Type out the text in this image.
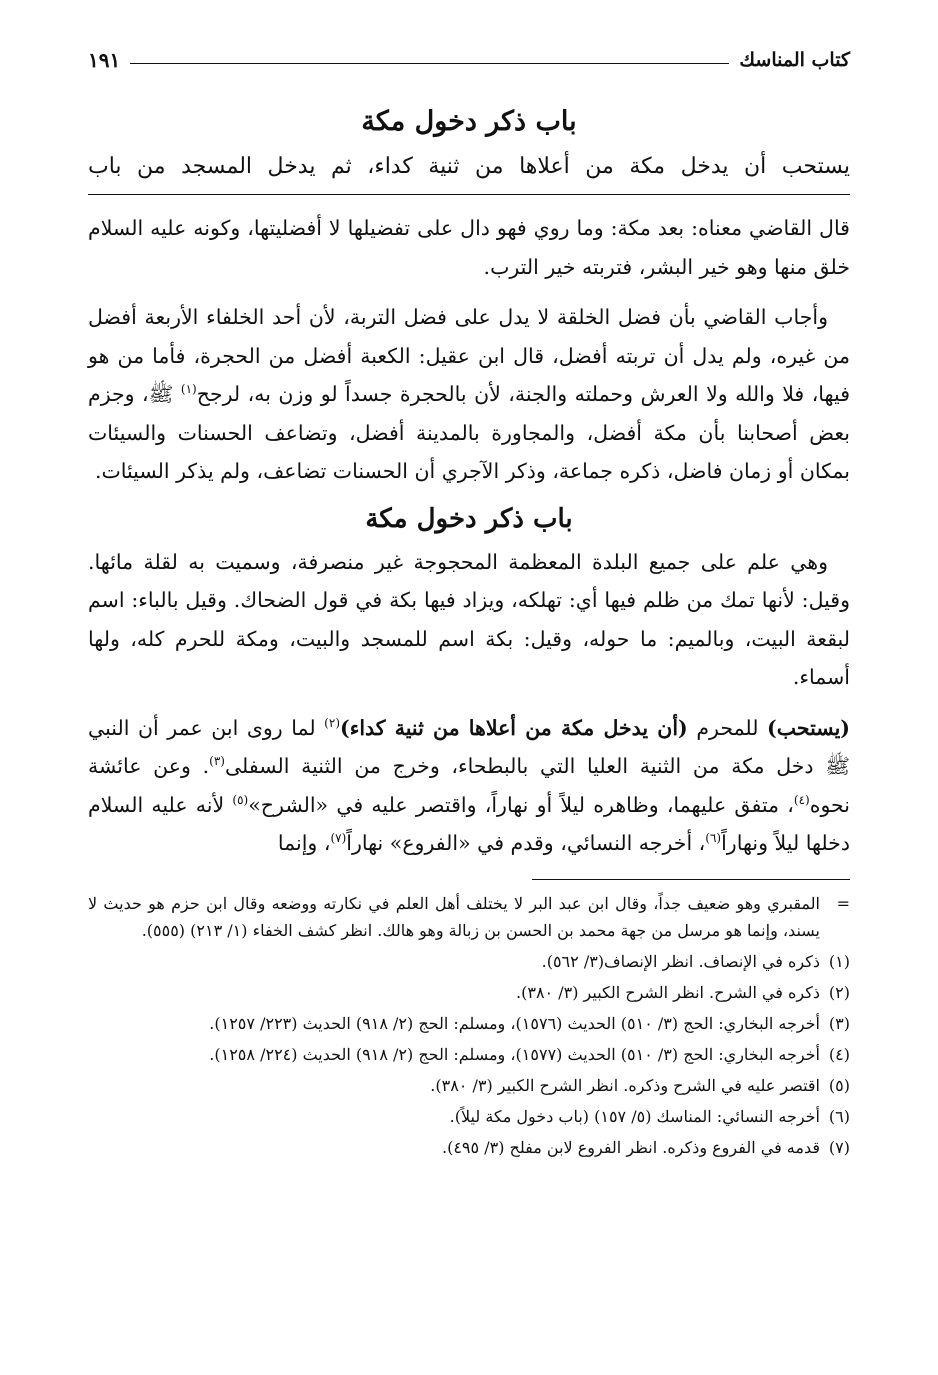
كتاب المناسك
١٩١
باب ذكر دخول مكة
يستحب أن يدخل مكة من أعلاها من ثنية كداء، ثم يدخل المسجد من باب

قال القاضي معناه: بعد مكة: وما روي فهو دال على تفضيلها لا أفضليتها، وكونه عليه السلام خلق منها وهو خير البشر، فتربته خير الترب.

وأجاب القاضي بأن فضل الخلقة لا يدل على فضل التربة، لأن أحد الخلفاء الأربعة أفضل من غيره، ولم يدل أن تربته أفضل، قال ابن عقيل: الكعبة أفضل من الحجرة، فأما من هو فيها، فلا والله ولا العرش وحملته والجنة، لأن بالحجرة جسداً لو وزن به، لرجح$^{(١)}$ ﷺ، وجزم بعض أصحابنا بأن مكة أفضل، والمجاورة بالمدينة أفضل، وتضاعف الحسنات والسيئات بمكان أو زمان فاضل، ذكره جماعة، وذكر الآجري أن الحسنات تضاعف، ولم يذكر السيئات.

باب ذكر دخول مكة

وهي علم على جميع البلدة المعظمة المحجوجة غير منصرفة، وسميت به لقلة مائها. وقيل: لأنها تمك من ظلم فيها أي: تهلكه، ويزاد فيها بكة في قول الضحاك. وقيل بالباء: اسم لبقعة البيت، وبالميم: ما حوله، وقيل: بكة اسم للمسجد والبيت، ومكة للحرم كله، ولها أسماء.

(يستحب) للمحرم (أن يدخل مكة من أعلاها من ثنية كداء)$^{(٢)}$ لما روى ابن عمر أن النبي ﷺ دخل مكة من الثنية العليا التي بالبطحاء، وخرج من الثنية السفلى$^{(٣)}$. وعن عائشة نحوه$^{(٤)}$، متفق عليهما، وظاهره ليلاً أو نهاراً، واقتصر عليه في «الشرح»$^{(٥)}$ لأنه عليه السلام دخلها ليلاً ونهاراً$^{(٦)}$، أخرجه النسائي، وقدم في «الفروع» نهاراً$^{(٧)}$، وإنما

=
المقبري وهو ضعيف جداً، وقال ابن عبد البر لا يختلف أهل العلم في نكارته ووضعه وقال ابن حزم هو حديث لا يسند، وإنما هو مرسل من جهة محمد بن الحسن بن زبالة وهو هالك. انظر كشف الخفاء (١/ ٢١٣) (٥٥٥).
(١)
ذكره في الإنصاف. انظر الإنصاف(٣/ ٥٦٢).
(٢)
ذكره في الشرح. انظر الشرح الكبير (٣/ ٣٨٠).
(٣)
أخرجه البخاري: الحج (٣/ ٥١٠) الحديث (١٥٧٦)، ومسلم: الحج (٢/ ٩١٨) الحديث (٢٢٣/ ١٢٥٧).
(٤)
أخرجه البخاري: الحج (٣/ ٥١٠) الحديث (١٥٧٧)، ومسلم: الحج (٢/ ٩١٨) الحديث (٢٢٤/ ١٢٥٨).
(٥)
اقتصر عليه في الشرح وذكره. انظر الشرح الكبير (٣/ ٣٨٠).
(٦)
أخرجه النسائي: المناسك (٥/ ١٥٧) (باب دخول مكة ليلاً).
(٧)
قدمه في الفروع وذكره. انظر الفروع لابن مفلح (٣/ ٤٩٥).
